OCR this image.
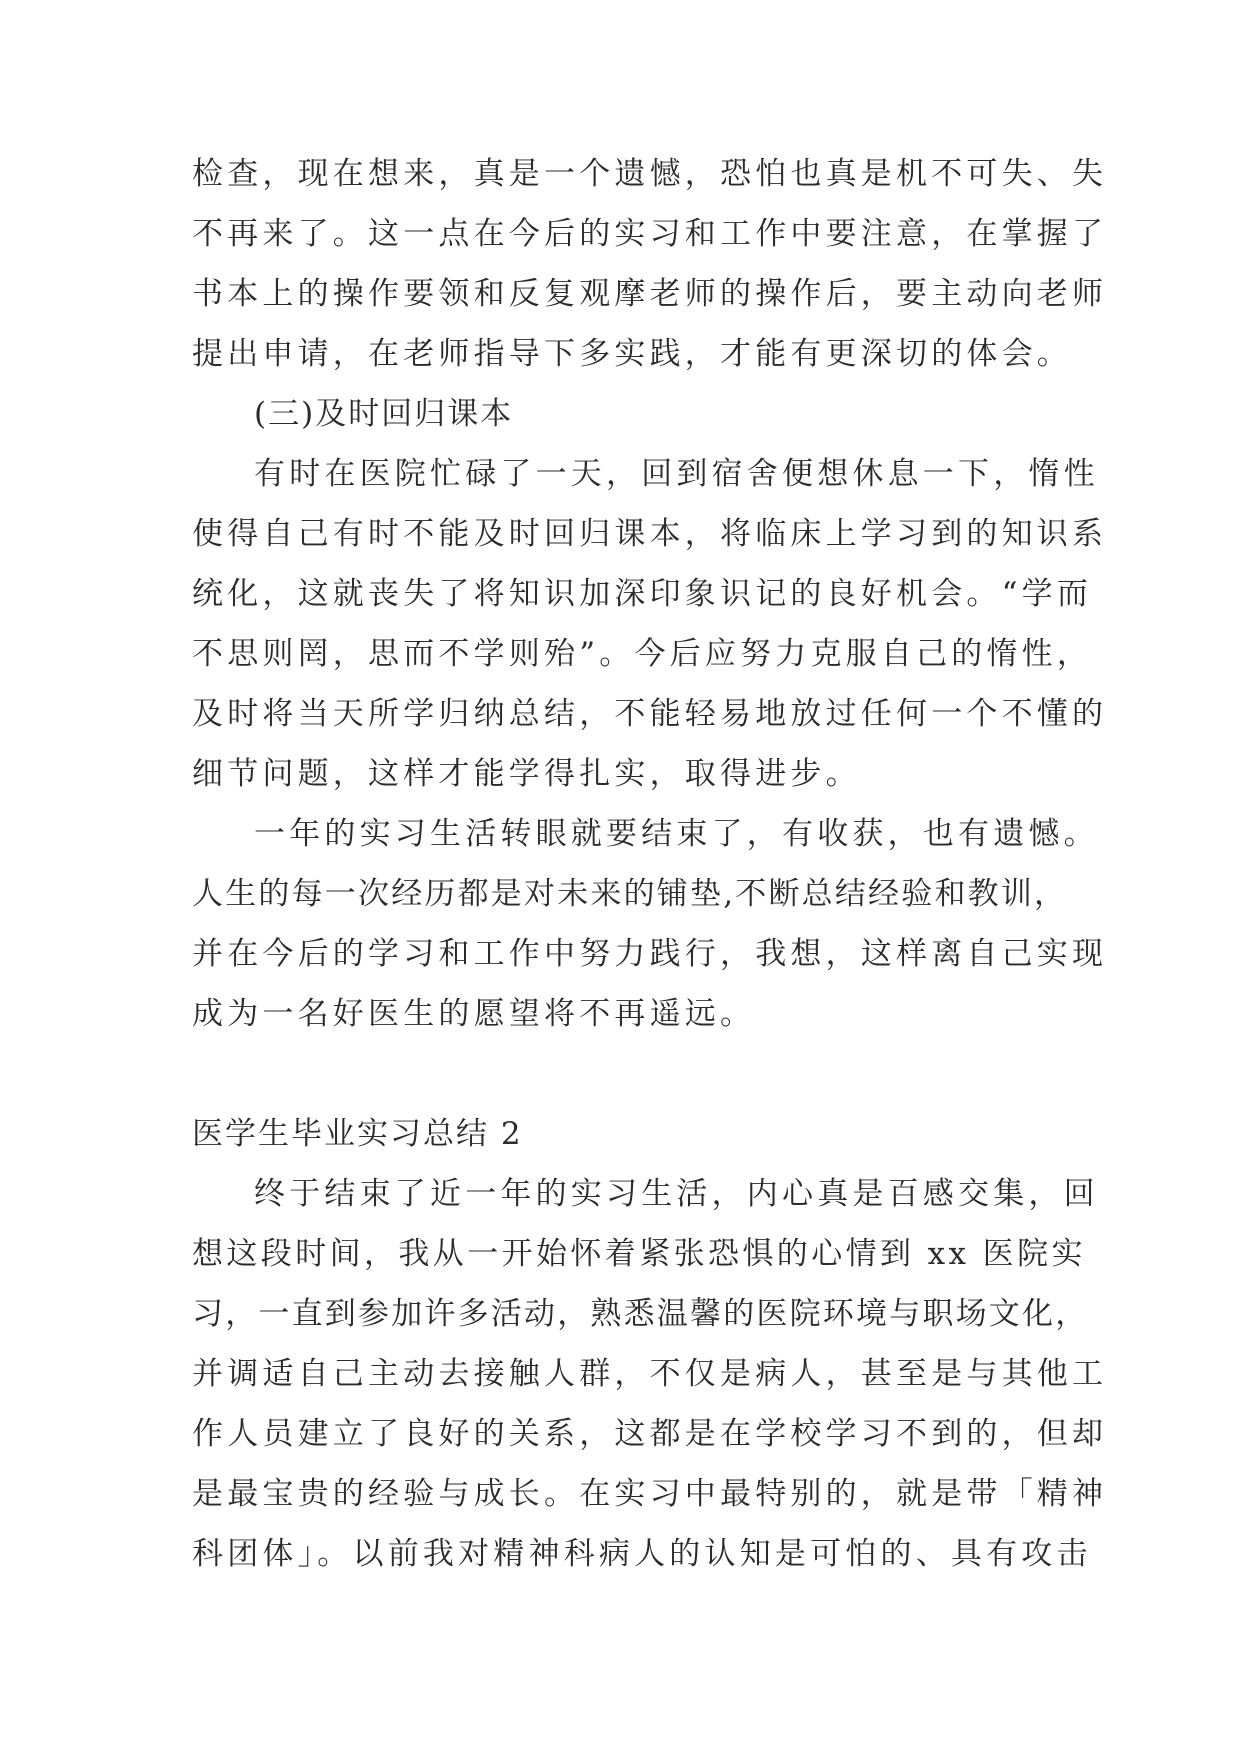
检查，现在想来，真是一个遗憾，恐怕也真是机不可失、失
不再来了。这一点在今后的实习和工作中要注意，在掌握了
书本上的操作要领和反复观摩老师的操作后，要主动向老师
提出申请，在老师指导下多实践，才能有更深切的体会。
(三)及时回归课本
有时在医院忙碌了一天，回到宿舍便想休息一下，惰性
使得自己有时不能及时回归课本，将临床上学习到的知识系
统化，这就丧失了将知识加深印象识记的良好机会。“学而
不思则罔，思而不学则殆”。今后应努力克服自己的惰性，
及时将当天所学归纳总结，不能轻易地放过任何一个不懂的
细节问题，这样才能学得扎实，取得进步。
一年的实习生活转眼就要结束了，有收获，也有遗憾。
人生的每一次经历都是对未来的铺垫,不断总结经验和教训，
并在今后的学习和工作中努力践行，我想，这样离自己实现
成为一名好医生的愿望将不再遥远。
医学生毕业实习总结 2
终于结束了近一年的实习生活，内心真是百感交集，回
想这段时间，我从一开始怀着紧张恐惧的心情到 xx 医院实
习，一直到参加许多活动，熟悉温馨的医院环境与职场文化，
并调适自己主动去接触人群，不仅是病人，甚至是与其他工
作人员建立了良好的关系，这都是在学校学习不到的，但却
是最宝贵的经验与成长。在实习中最特别的，就是带「精神
科团体」。以前我对精神科病人的认知是可怕的、具有攻击
